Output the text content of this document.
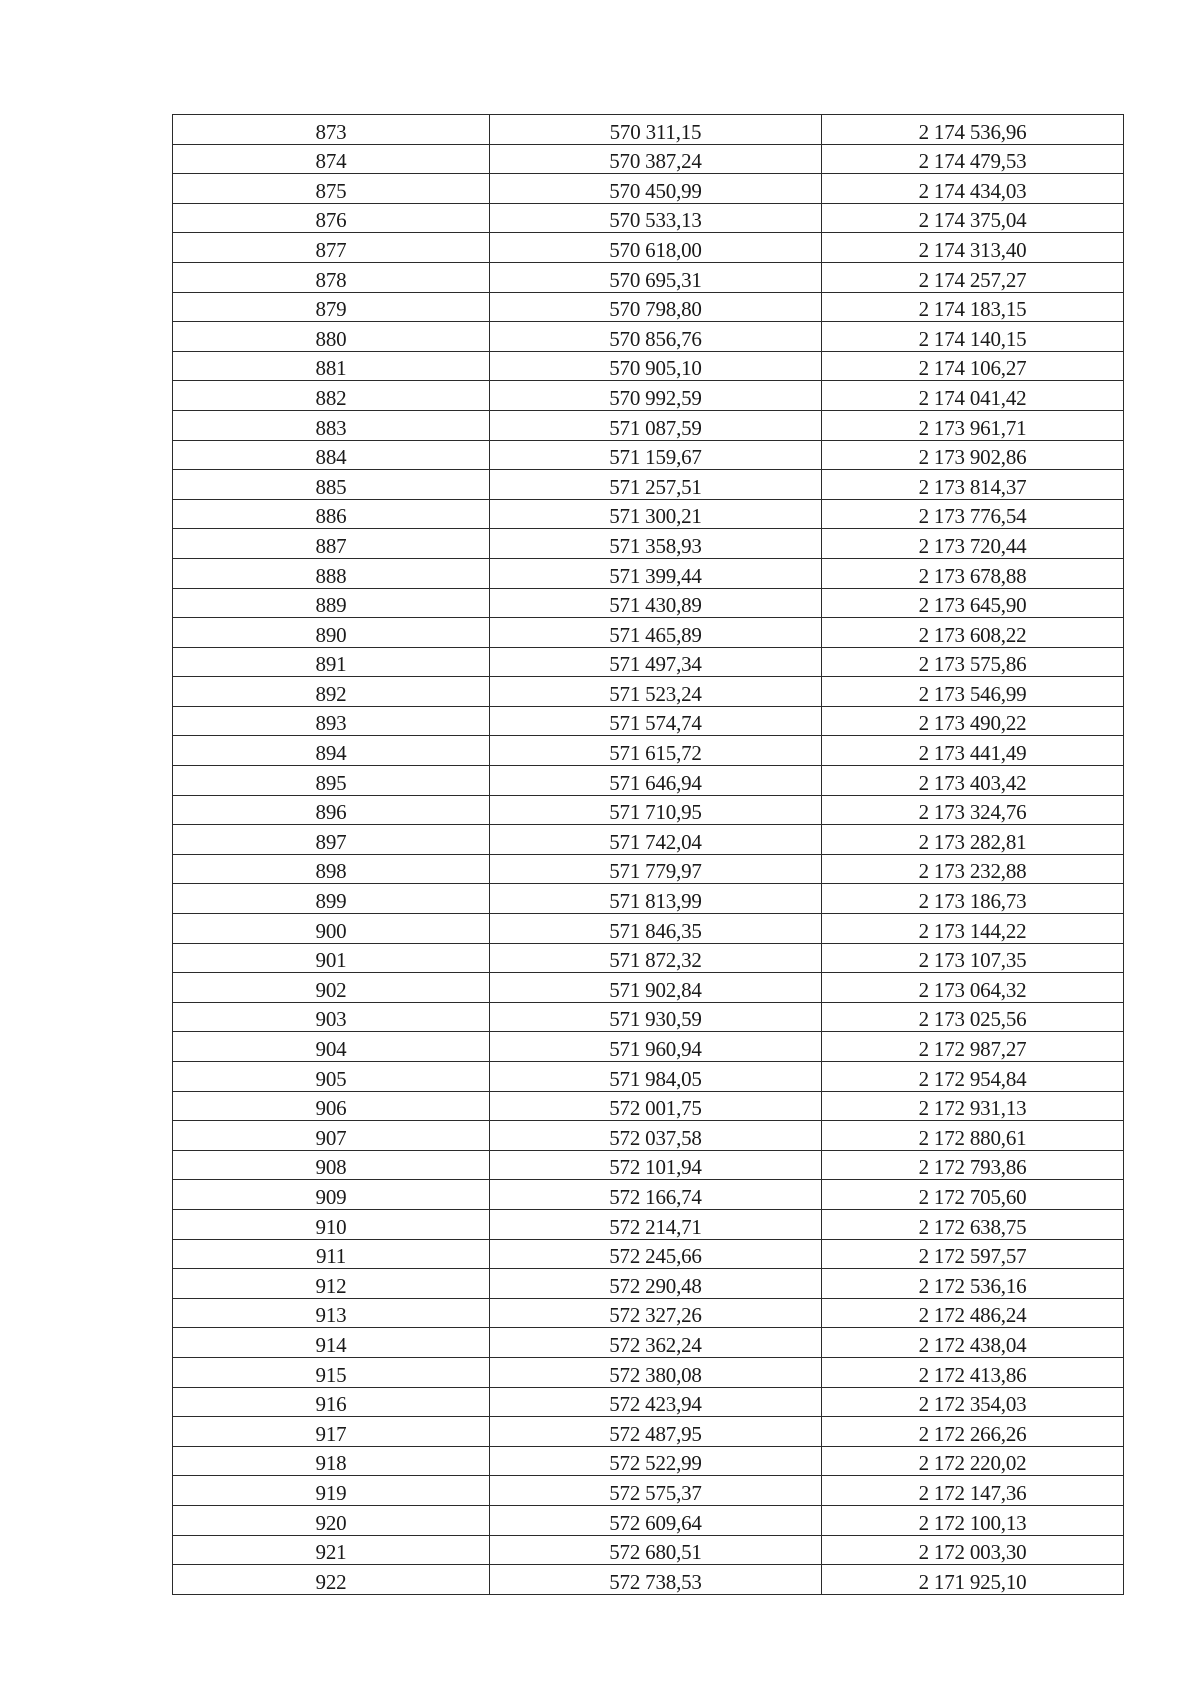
873	570 311,15	2 174 536,96
874	570 387,24	2 174 479,53
875	570 450,99	2 174 434,03
876	570 533,13	2 174 375,04
877	570 618,00	2 174 313,40
878	570 695,31	2 174 257,27
879	570 798,80	2 174 183,15
880	570 856,76	2 174 140,15
881	570 905,10	2 174 106,27
882	570 992,59	2 174 041,42
883	571 087,59	2 173 961,71
884	571 159,67	2 173 902,86
885	571 257,51	2 173 814,37
886	571 300,21	2 173 776,54
887	571 358,93	2 173 720,44
888	571 399,44	2 173 678,88
889	571 430,89	2 173 645,90
890	571 465,89	2 173 608,22
891	571 497,34	2 173 575,86
892	571 523,24	2 173 546,99
893	571 574,74	2 173 490,22
894	571 615,72	2 173 441,49
895	571 646,94	2 173 403,42
896	571 710,95	2 173 324,76
897	571 742,04	2 173 282,81
898	571 779,97	2 173 232,88
899	571 813,99	2 173 186,73
900	571 846,35	2 173 144,22
901	571 872,32	2 173 107,35
902	571 902,84	2 173 064,32
903	571 930,59	2 173 025,56
904	571 960,94	2 172 987,27
905	571 984,05	2 172 954,84
906	572 001,75	2 172 931,13
907	572 037,58	2 172 880,61
908	572 101,94	2 172 793,86
909	572 166,74	2 172 705,60
910	572 214,71	2 172 638,75
911	572 245,66	2 172 597,57
912	572 290,48	2 172 536,16
913	572 327,26	2 172 486,24
914	572 362,24	2 172 438,04
915	572 380,08	2 172 413,86
916	572 423,94	2 172 354,03
917	572 487,95	2 172 266,26
918	572 522,99	2 172 220,02
919	572 575,37	2 172 147,36
920	572 609,64	2 172 100,13
921	572 680,51	2 172 003,30
922	572 738,53	2 171 925,10
